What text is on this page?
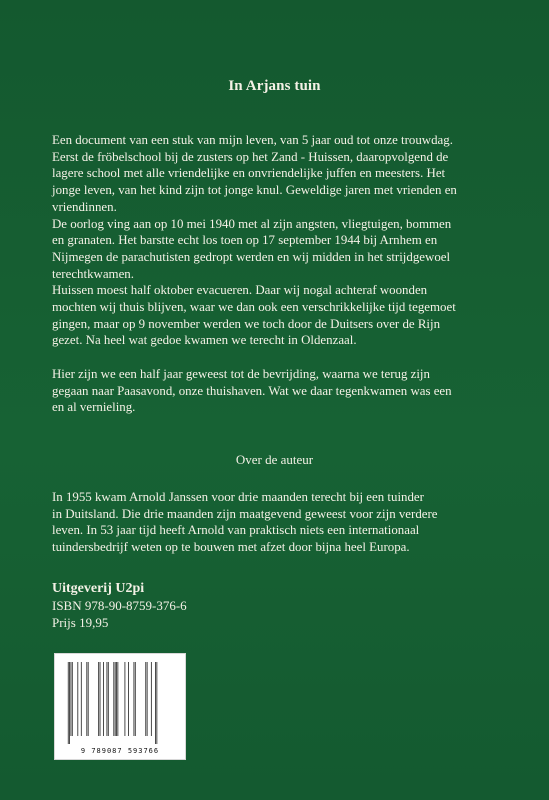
In Arjans tuin

Een document van een stuk van mijn leven, van 5 jaar oud tot onze trouwdag.

Eerst de fröbelschool bij de zusters op het Zand - Huissen, daaropvolgend de

lagere school met alle vriendelijke en onvriendelijke juffen en meesters. Het

jonge leven, van het kind zijn tot jonge knul. Geweldige jaren met vrienden en

vriendinnen.

De oorlog ving aan op 10 mei 1940 met al zijn angsten, vliegtuigen, bommen

en granaten. Het barstte echt los toen op 17 september 1944 bij Arnhem en

Nijmegen de parachutisten gedropt werden en wij midden in het strijdgewoel

terechtkwamen.

Huissen moest half oktober evacueren. Daar wij nogal achteraf woonden

mochten wij thuis blijven, waar we dan ook een verschrikkelijke tijd tegemoet

gingen, maar op 9 november werden we toch door de Duitsers over de Rijn

gezet. Na heel wat gedoe kwamen we terecht in Oldenzaal.

Hier zijn we een half jaar geweest tot de bevrijding, waarna we terug zijn

gegaan naar Paasavond, onze thuishaven. Wat we daar tegenkwamen was een

en al vernieling.

Over de auteur

In 1955 kwam Arnold Janssen voor drie maanden terecht bij een tuinder

in Duitsland. Die drie maanden zijn maatgevend geweest voor zijn verdere

leven. In 53 jaar tijd heeft Arnold van praktisch niets een internationaal

tuindersbedrijf weten op te bouwen met afzet door bijna heel Europa.

Uitgeverij U2pi
ISBN 978-90-8759-376-6
Prijs 19,95
9 789087 593766
